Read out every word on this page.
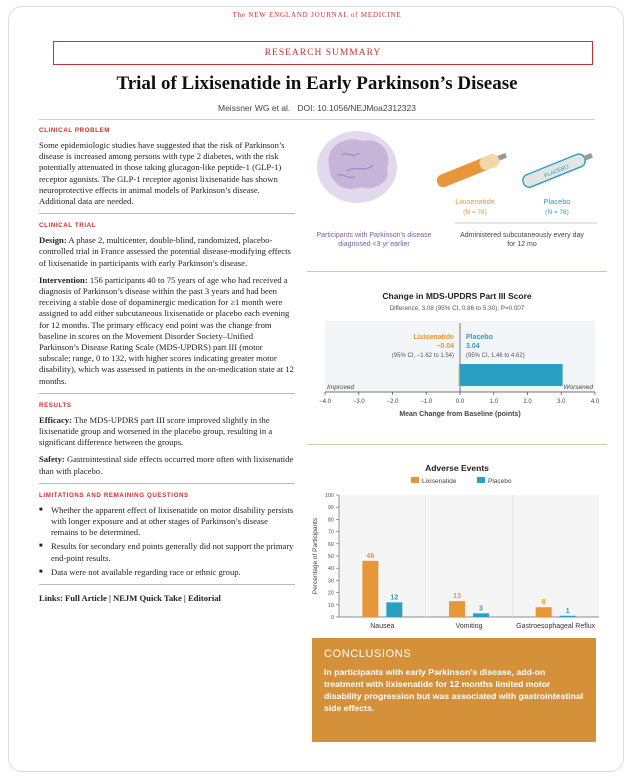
The NEW ENGLAND JOURNAL of MEDICINE
RESEARCH SUMMARY
Trial of Lixisenatide in Early Parkinson’s Disease
Meissner WG et al. DOI: 10.1056/NEJMoa2312323
CLINICAL PROBLEM
Some epidemiologic studies have suggested that the risk of Parkinson’s disease is increased among persons with type 2 diabetes, with the risk potentially attenuated in those taking glucagon-like peptide-1 (GLP-1) receptor agonists. The GLP-1 receptor agonist lixisenatide has shown neuroprotective effects in animal models of Parkinson’s disease. Additional data are needed.
CLINICAL TRIAL
Design: A phase 2, multicenter, double-blind, randomized, placebo-controlled trial in France assessed the potential disease-modifying effects of lixisenatide in participants with early Parkinson’s disease.
Intervention: 156 participants 40 to 75 years of age who had received a diagnosis of Parkinson’s disease within the past 3 years and had been receiving a stable dose of dopaminergic medication for ≥1 month were assigned to add either subcutaneous lixisenatide or placebo each evening for 12 months. The primary efficacy end point was the change from baseline in scores on the Movement Disorder Society–Unified Parkinson’s Disease Rating Scale (MDS-UPDRS) part III (motor subscale; range, 0 to 132, with higher scores indicating greater motor disability), which was assessed in patients in the on-medication state at 12 months.
RESULTS
Efficacy: The MDS-UPDRS part III score improved slightly in the lixisenatide group and worsened in the placebo group, resulting in a significant difference between the groups.
Safety: Gastrointestinal side effects occurred more often with lixisenatide than with placebo.
LIMITATIONS AND REMAINING QUESTIONS
■ Whether the apparent effect of lixisenatide on motor disability persists with longer exposure and at other stages of Parkinson’s disease remains to be determined.
■ Results for secondary end points generally did not support the primary end-point results.
■ Data were not available regarding race or ethnic group.
Links: Full Article | NEJM Quick Take | Editorial
PLACEBO
Lixisenatide
(N = 78)
Placebo
(N = 78)
Participants with Parkinson’s disease diagnosed <3 yr earlier
Administered subcutaneously every day for 12 mo
Change in MDS-UPDRS Part III Score
Difference, 3.08 (95% CI, 0.86 to 5.30); P=0.007
Lixisenatide
−0.04
(95% CI, −1.62 to 1.54)
Placebo
3.04
(95% CI, 1.46 to 4.62)
Improved	Worsened
−4.0	−3.0	−2.0	−1.0	0.0	1.0	2.0	3.0	4.0
Mean Change from Baseline (points)
Adverse Events
Lixisenatide	Placebo
0
10
20
30
40
50
60
70
80
90
100
Percentage of Participants
Nausea
46
12
Vomiting
13
3
Gastroesophageal Reflux
8
1
CONCLUSIONS
In participants with early Parkinson’s disease, add-on treatment with lixisenatide for 12 months limited motor disability progression but was associated with gastrointestinal side effects.
